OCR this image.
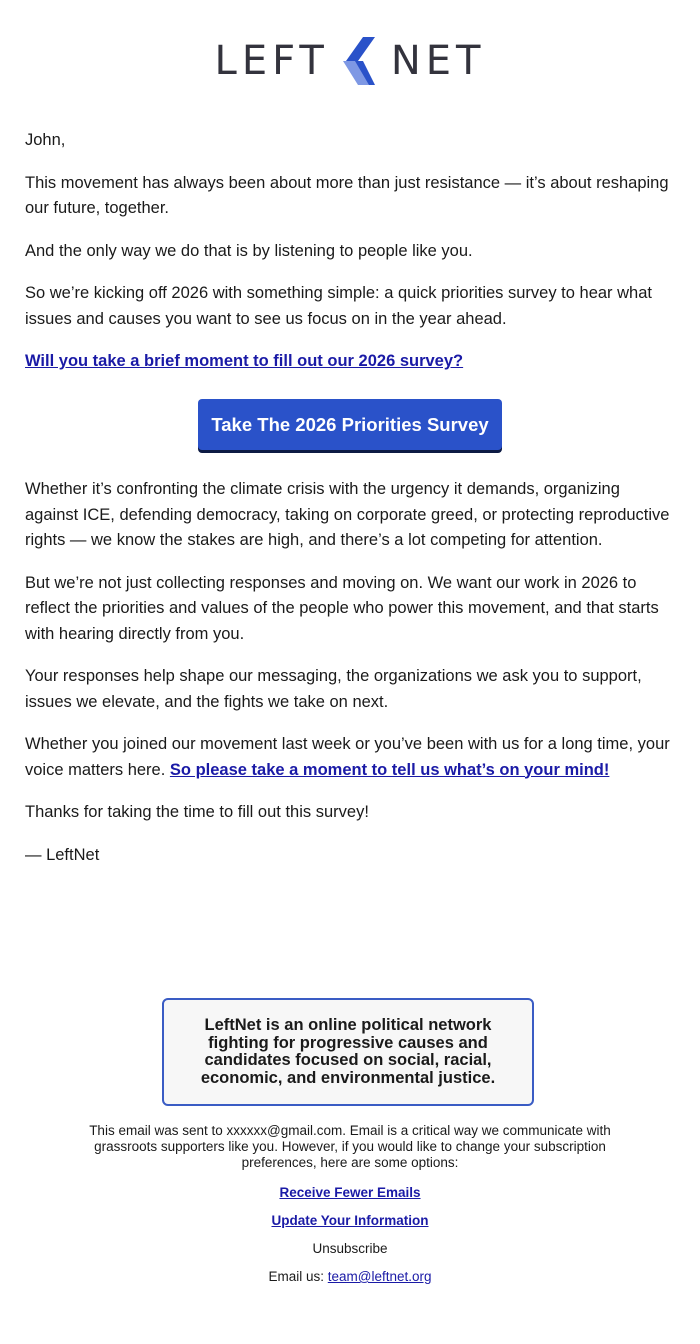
LEFT NET

John,

This movement has always been about more than just resistance — it’s about reshaping our future, together.

And the only way we do that is by listening to people like you.

So we’re kicking off 2026 with something simple: a quick priorities survey to hear what issues and causes you want to see us focus on in the year ahead.

Will you take a brief moment to fill out our 2026 survey?

Take The 2026 Priorities Survey

Whether it’s confronting the climate crisis with the urgency it demands, organizing against ICE, defending democracy, taking on corporate greed, or protecting reproductive rights — we know the stakes are high, and there’s a lot competing for attention.

But we’re not just collecting responses and moving on. We want our work in 2026 to reflect the priorities and values of the people who power this movement, and that starts with hearing directly from you.

Your responses help shape our messaging, the organizations we ask you to support, issues we elevate, and the fights we take on next.

Whether you joined our movement last week or you’ve been with us for a long time, your voice matters here. So please take a moment to tell us what’s on your mind!

Thanks for taking the time to fill out this survey!

— LeftNet

LeftNet is an online political network fighting for progressive causes and candidates focused on social, racial, economic, and environmental justice.
This email was sent to xxxxxx@gmail.com. Email is a critical way we communicate with grassroots supporters like you. However, if you would like to change your subscription preferences, here are some options:
Receive Fewer Emails
Update Your Information
Unsubscribe
Email us: team@leftnet.org
